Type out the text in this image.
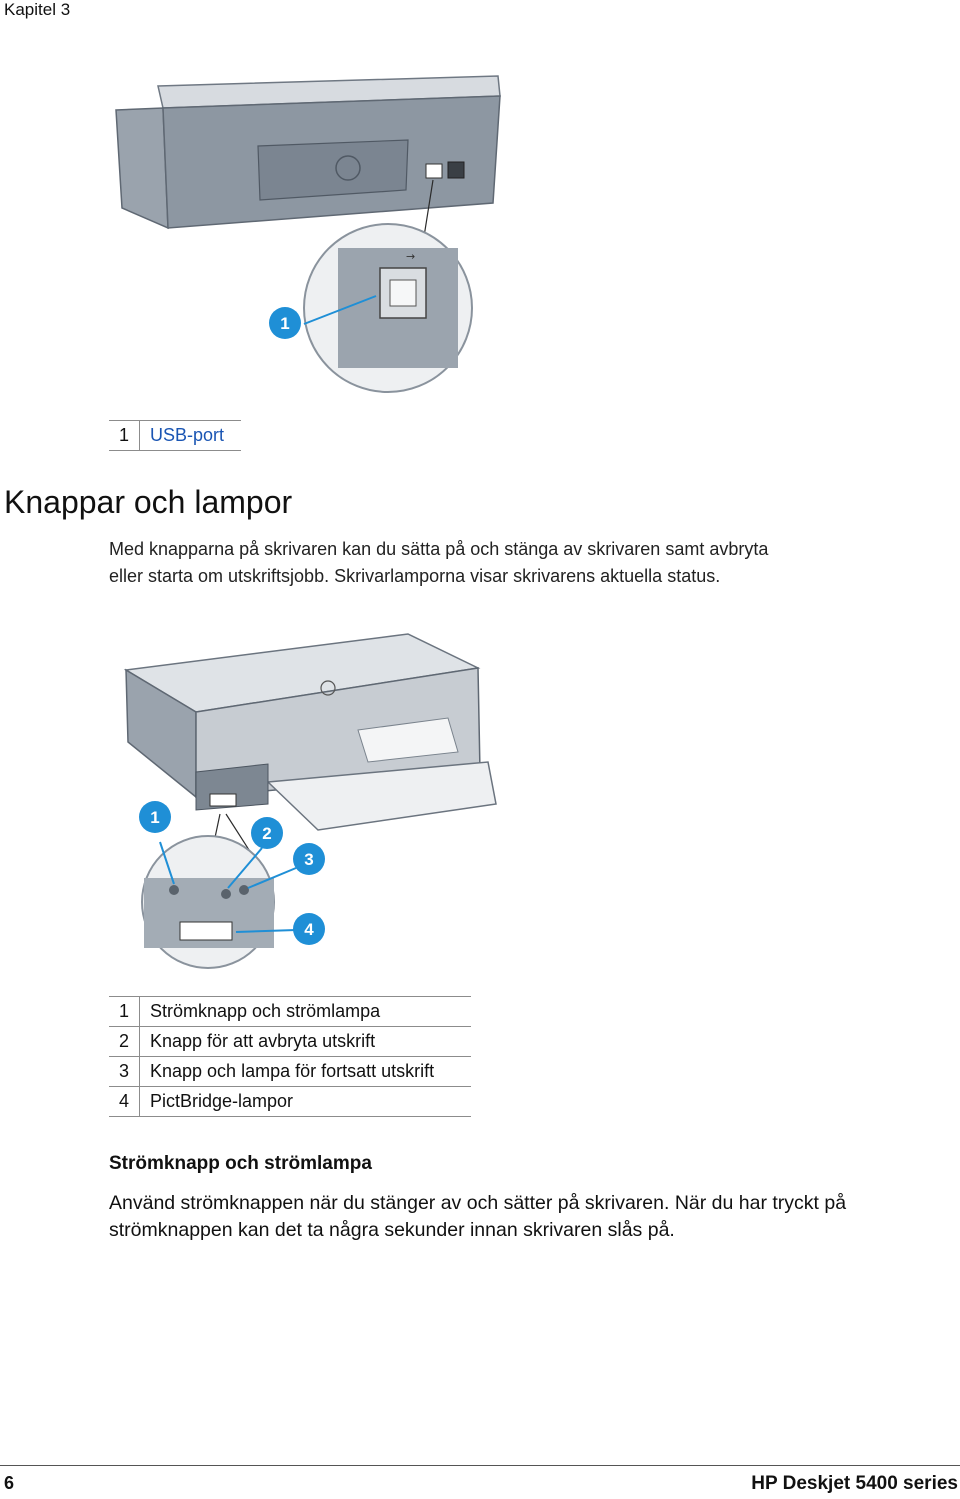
Kapitel 3
→
1
1	USB-port
Knappar och lampor
Med knapparna på skrivaren kan du sätta på och stänga av skrivaren samt avbryta
eller starta om utskriftsjobb. Skrivarlamporna visar skrivarens aktuella status.
1
2
3
4
1	Strömknapp och strömlampa
2	Knapp för att avbryta utskrift
3	Knapp och lampa för fortsatt utskrift
4	PictBridge-lampor
Strömknapp och strömlampa
Använd strömknappen när du stänger av och sätter på skrivaren. När du har tryckt på strömknappen kan det ta några sekunder innan skrivaren slås på.
6	HP Deskjet 5400 series
